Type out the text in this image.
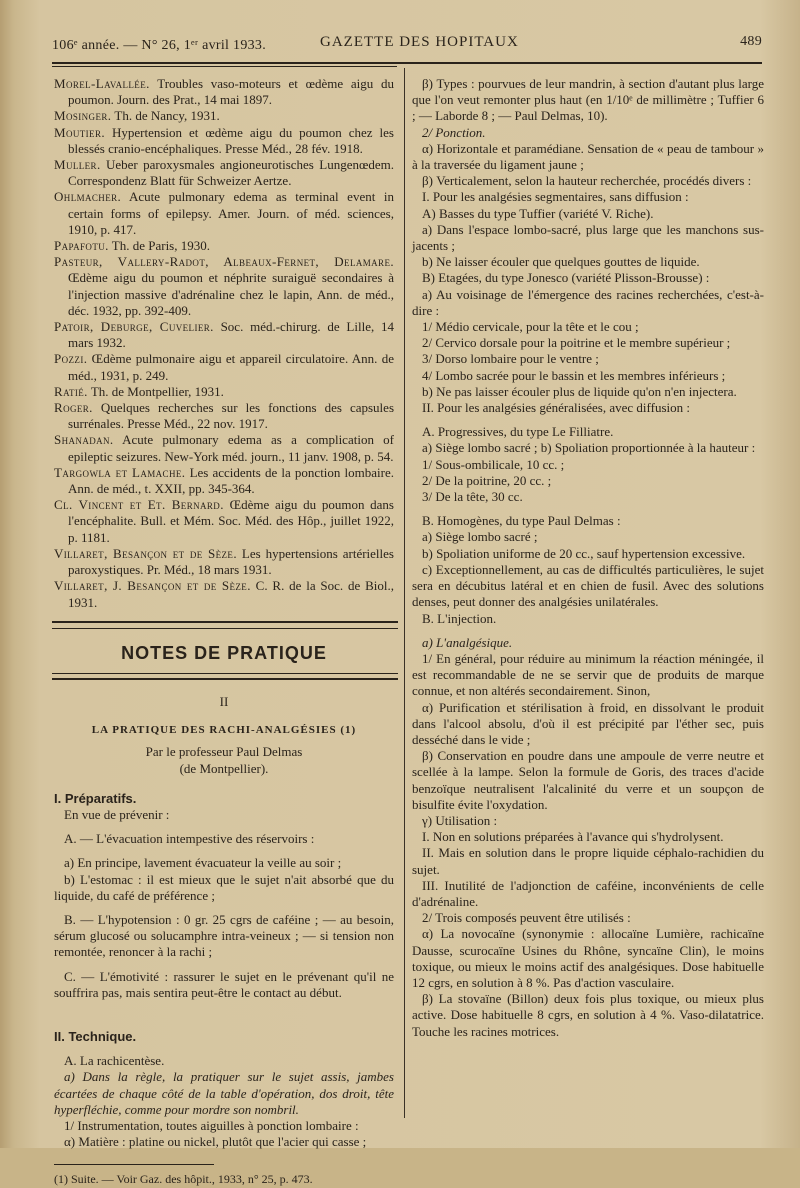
106ᵉ année. — N° 26, 1ᵉʳ avril 1933.	GAZETTE DES HOPITAUX	489
Morel-Lavallée. Troubles vaso-moteurs et œdème aigu du poumon. Journ. des Prat., 14 mai 1897.
Mosinger. Th. de Nancy, 1931.
Moutier. Hypertension et œdème aigu du poumon chez les blessés cranio-encéphaliques. Presse Méd., 28 fév. 1918.
Muller. Ueber paroxysmales angioneurotisches Lungenœdem. Correspondenz Blatt für Schweizer Aertze.
Ohlmacher. Acute pulmonary edema as terminal event in certain forms of epilepsy. Amer. Journ. of méd. sciences, 1910, p. 417.
Papafotu. Th. de Paris, 1930.
Pasteur, Vallery-Radot, Albeaux-Fernet, Delamare. Œdème aigu du poumon et néphrite suraiguë secondaires à l'injection massive d'adrénaline chez le lapin, Ann. de méd., déc. 1932, pp. 392-409.
Patoir, Deburge, Cuvelier. Soc. méd.-chirurg. de Lille, 14 mars 1932.
Pozzi. Œdème pulmonaire aigu et appareil circulatoire. Ann. de méd., 1931, p. 249.
Ratié. Th. de Montpellier, 1931.
Roger. Quelques recherches sur les fonctions des capsules surrénales. Presse Méd., 22 nov. 1917.
Shanadan. Acute pulmonary edema as a complication of epileptic seizures. New-York méd. journ., 11 janv. 1908, p. 54.
Targowla et Lamache. Les accidents de la ponction lombaire. Ann. de méd., t. XXII, pp. 345-364.
Cl. Vincent et Et. Bernard. Œdème aigu du poumon dans l'encéphalite. Bull. et Mém. Soc. Méd. des Hôp., juillet 1922, p. 1181.
Villaret, Besançon et de Sèze. Les hypertensions artérielles paroxystiques. Pr. Méd., 18 mars 1931.
Villaret, J. Besançon et de Sèze. C. R. de la Soc. de Biol., 1931.
NOTES DE PRATIQUE
II
LA PRATIQUE DES RACHI-ANALGÉSIES (1)
Par le professeur Paul Delmas
(de Montpellier).
I. Préparatifs.
En vue de prévenir :
A. — L'évacuation intempestive des réservoirs :
a) En principe, lavement évacuateur la veille au soir ;
b) L'estomac : il est mieux que le sujet n'ait absorbé que du liquide, du café de préférence ;
B. — L'hypotension : 0 gr. 25 cgrs de caféine ; — au besoin, sérum glucosé ou solucamphre intra-veineux ; — si tension non remontée, renoncer à la rachi ;
C. — L'émotivité : rassurer le sujet en le prévenant qu'il ne souffrira pas, mais sentira peut-être le contact au début.
II. Technique.
A. La rachicentèse.
a) Dans la règle, la pratiquer sur le sujet assis, jambes écartées de chaque côté de la table d'opération, dos droit, tête hyperfléchie, comme pour mordre son nombril.
1/ Instrumentation, toutes aiguilles à ponction lombaire :
α) Matière : platine ou nickel, plutôt que l'acier qui casse ;
(1) Suite. — Voir Gaz. des hôpit., 1933, n° 25, p. 473.
β) Types : pourvues de leur mandrin, à section d'autant plus large que l'on veut remonter plus haut (en 1/10ᵉ de millimètre ; Tuffier 6 ; — Laborde 8 ; — Paul Delmas, 10).
2/ Ponction.
α) Horizontale et paramédiane. Sensation de « peau de tambour » à la traversée du ligament jaune ;
β) Verticalement, selon la hauteur recherchée, procédés divers :
I. Pour les analgésies segmentaires, sans diffusion :
A) Basses du type Tuffier (variété V. Riche).
a) Dans l'espace lombo-sacré, plus large que les manchons sus-jacents ;
b) Ne laisser écouler que quelques gouttes de liquide.
B) Etagées, du type Jonesco (variété Plisson-Brousse) :
a) Au voisinage de l'émergence des racines recherchées, c'est-à-dire :
1/ Médio cervicale, pour la tête et le cou ;
2/ Cervico dorsale pour la poitrine et le membre supérieur ;
3/ Dorso lombaire pour le ventre ;
4/ Lombo sacrée pour le bassin et les membres inférieurs ;
b) Ne pas laisser écouler plus de liquide qu'on n'en injectera.
II. Pour les analgésies généralisées, avec diffusion :
A. Progressives, du type Le Filliatre.
a) Siège lombo sacré ; b) Spoliation proportionnée à la hauteur :
1/ Sous-ombilicale, 10 cc. ;
2/ De la poitrine, 20 cc. ;
3/ De la tête, 30 cc.
B. Homogènes, du type Paul Delmas :
a) Siège lombo sacré ;
b) Spoliation uniforme de 20 cc., sauf hypertension excessive.
c) Exceptionnellement, au cas de difficultés particulières, le sujet sera en décubitus latéral et en chien de fusil. Avec des solutions denses, peut donner des analgésies unilatérales.
B. L'injection.
a) L'analgésique.
1/ En général, pour réduire au minimum la réaction méningée, il est recommandable de ne se servir que de produits de marque connue, et non altérés secondairement. Sinon,
α) Purification et stérilisation à froid, en dissolvant le produit dans l'alcool absolu, d'où il est précipité par l'éther sec, puis desséché dans le vide ;
β) Conservation en poudre dans une ampoule de verre neutre et scellée à la lampe. Selon la formule de Goris, des traces d'acide benzoïque neutralisent l'alcalinité du verre et un soupçon de bisulfite évite l'oxydation.
γ) Utilisation :
I. Non en solutions préparées à l'avance qui s'hydrolysent.
II. Mais en solution dans le propre liquide céphalo-rachidien du sujet.
III. Inutilité de l'adjonction de caféine, inconvénients de celle d'adrénaline.
2/ Trois composés peuvent être utilisés :
α) La novocaïne (synonymie : allocaïne Lumière, rachicaïne Dausse, scurocaïne Usines du Rhône, syncaïne Clin), le moins toxique, ou mieux le moins actif des analgésiques. Dose habituelle 12 cgrs, en solution à 8 %. Pas d'action vasculaire.
β) La stovaïne (Billon) deux fois plus toxique, ou mieux plus active. Dose habituelle 8 cgrs, en solution à 4 %. Vaso-dilatatrice. Touche les racines motrices.
